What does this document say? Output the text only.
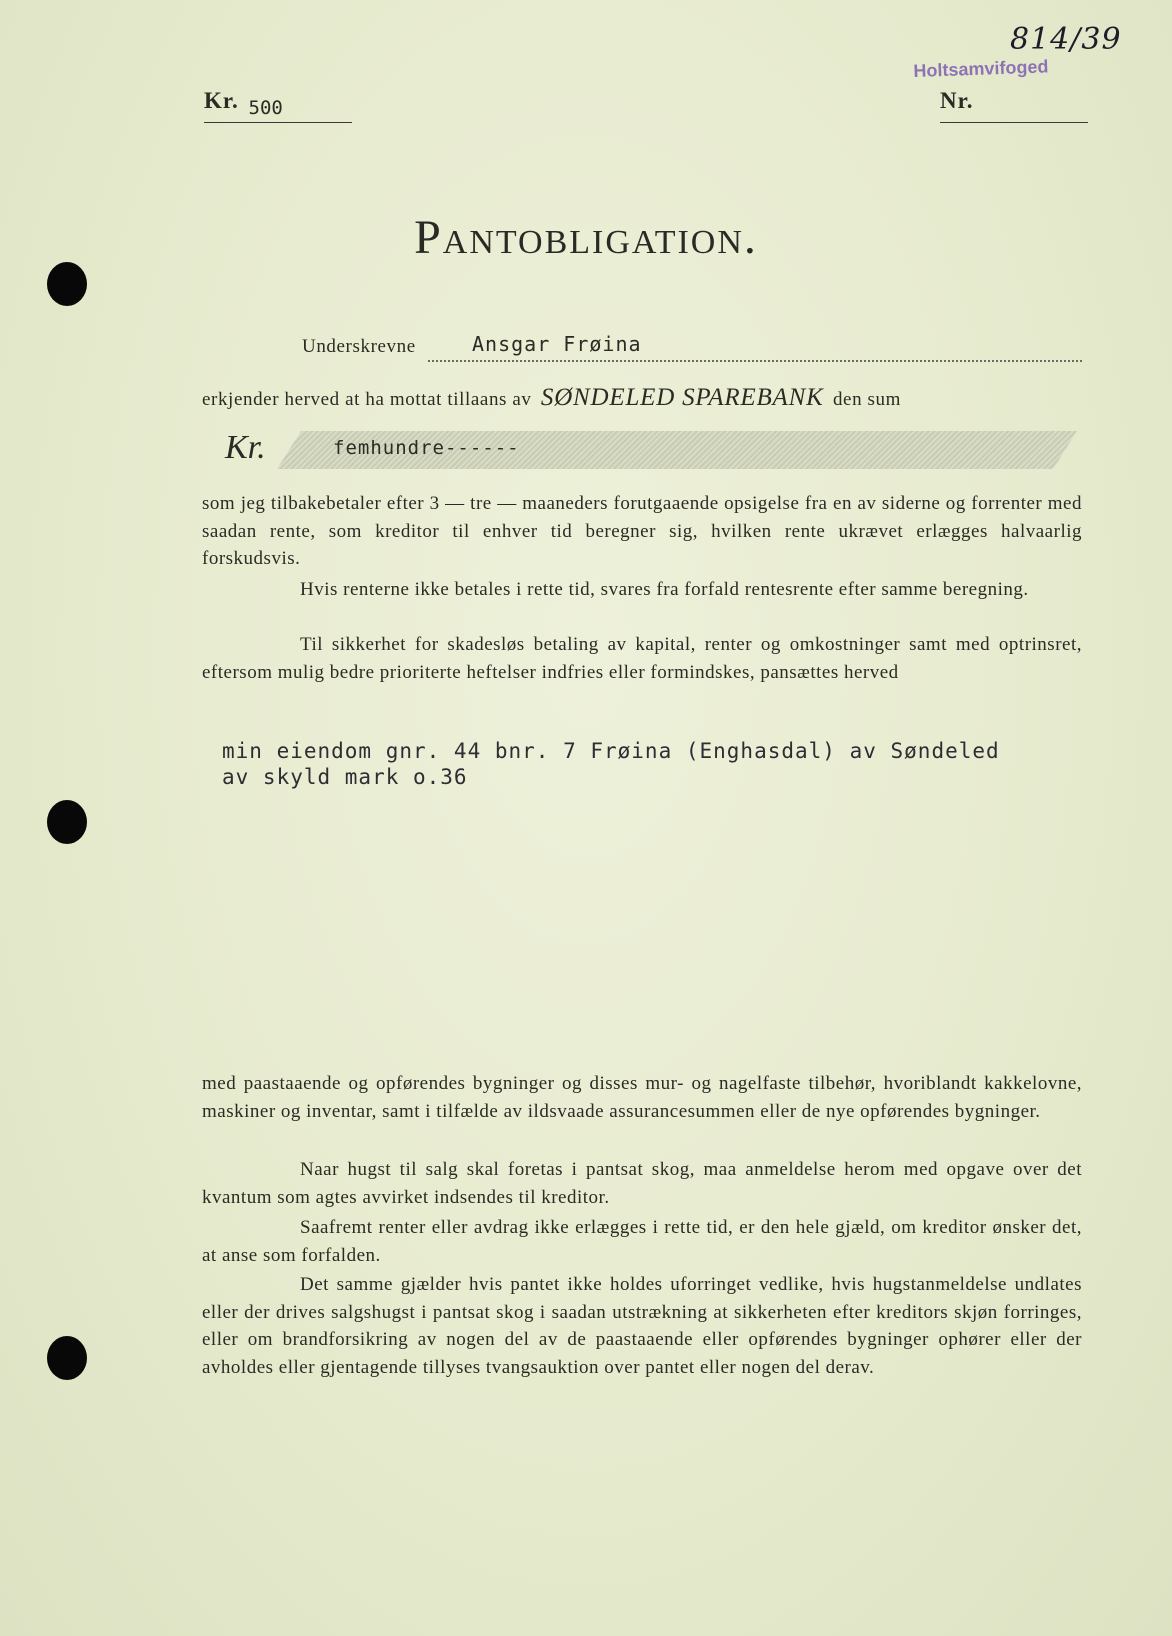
Holtsamvifoged
814/39
Kr. $_{500}$	Nr.
Pantobligation.
Underskrevne	Ansgar Frøina
erkjender herved at ha mottat tillaans av SØNDELED SPAREBANK den sum
Kr.	femhundre------
som jeg tilbakebetaler efter 3 — tre — maaneders forutgaaende opsigelse fra en av siderne og forrenter med saadan rente, som kreditor til enhver tid beregner sig, hvilken rente ukrævet erlægges halvaarlig forskudsvis.
Hvis renterne ikke betales i rette tid, svares fra forfald rentesrente efter samme beregning.
Til sikkerhet for skadesløs betaling av kapital, renter og omkostninger samt med optrinsret, eftersom mulig bedre prioriterte heftelser indfries eller formindskes, pansættes herved
min eiendom gnr. 44 bnr. 7 Frøina (Enghasdal) av Søndeled
av skyld mark o.36
med paastaaende og opførendes bygninger og disses mur- og nagelfaste tilbehør, hvoriblandt kakkelovne, maskiner og inventar, samt i tilfælde av ildsvaade assurancesummen eller de nye opførendes bygninger.
Naar hugst til salg skal foretas i pantsat skog, maa anmeldelse herom med opgave over det kvantum som agtes avvirket indsendes til kreditor.
Saafremt renter eller avdrag ikke erlægges i rette tid, er den hele gjæld, om kreditor ønsker det, at anse som forfalden.
Det samme gjælder hvis pantet ikke holdes uforringet vedlike, hvis hugstanmeldelse undlates eller der drives salgshugst i pantsat skog i saadan utstrækning at sikkerheten efter kreditors skjøn forringes, eller om brandforsikring av nogen del av de paastaaende eller opførendes bygninger ophører eller der avholdes eller gjentagende tillyses tvangsauktion over pantet eller nogen del derav.
